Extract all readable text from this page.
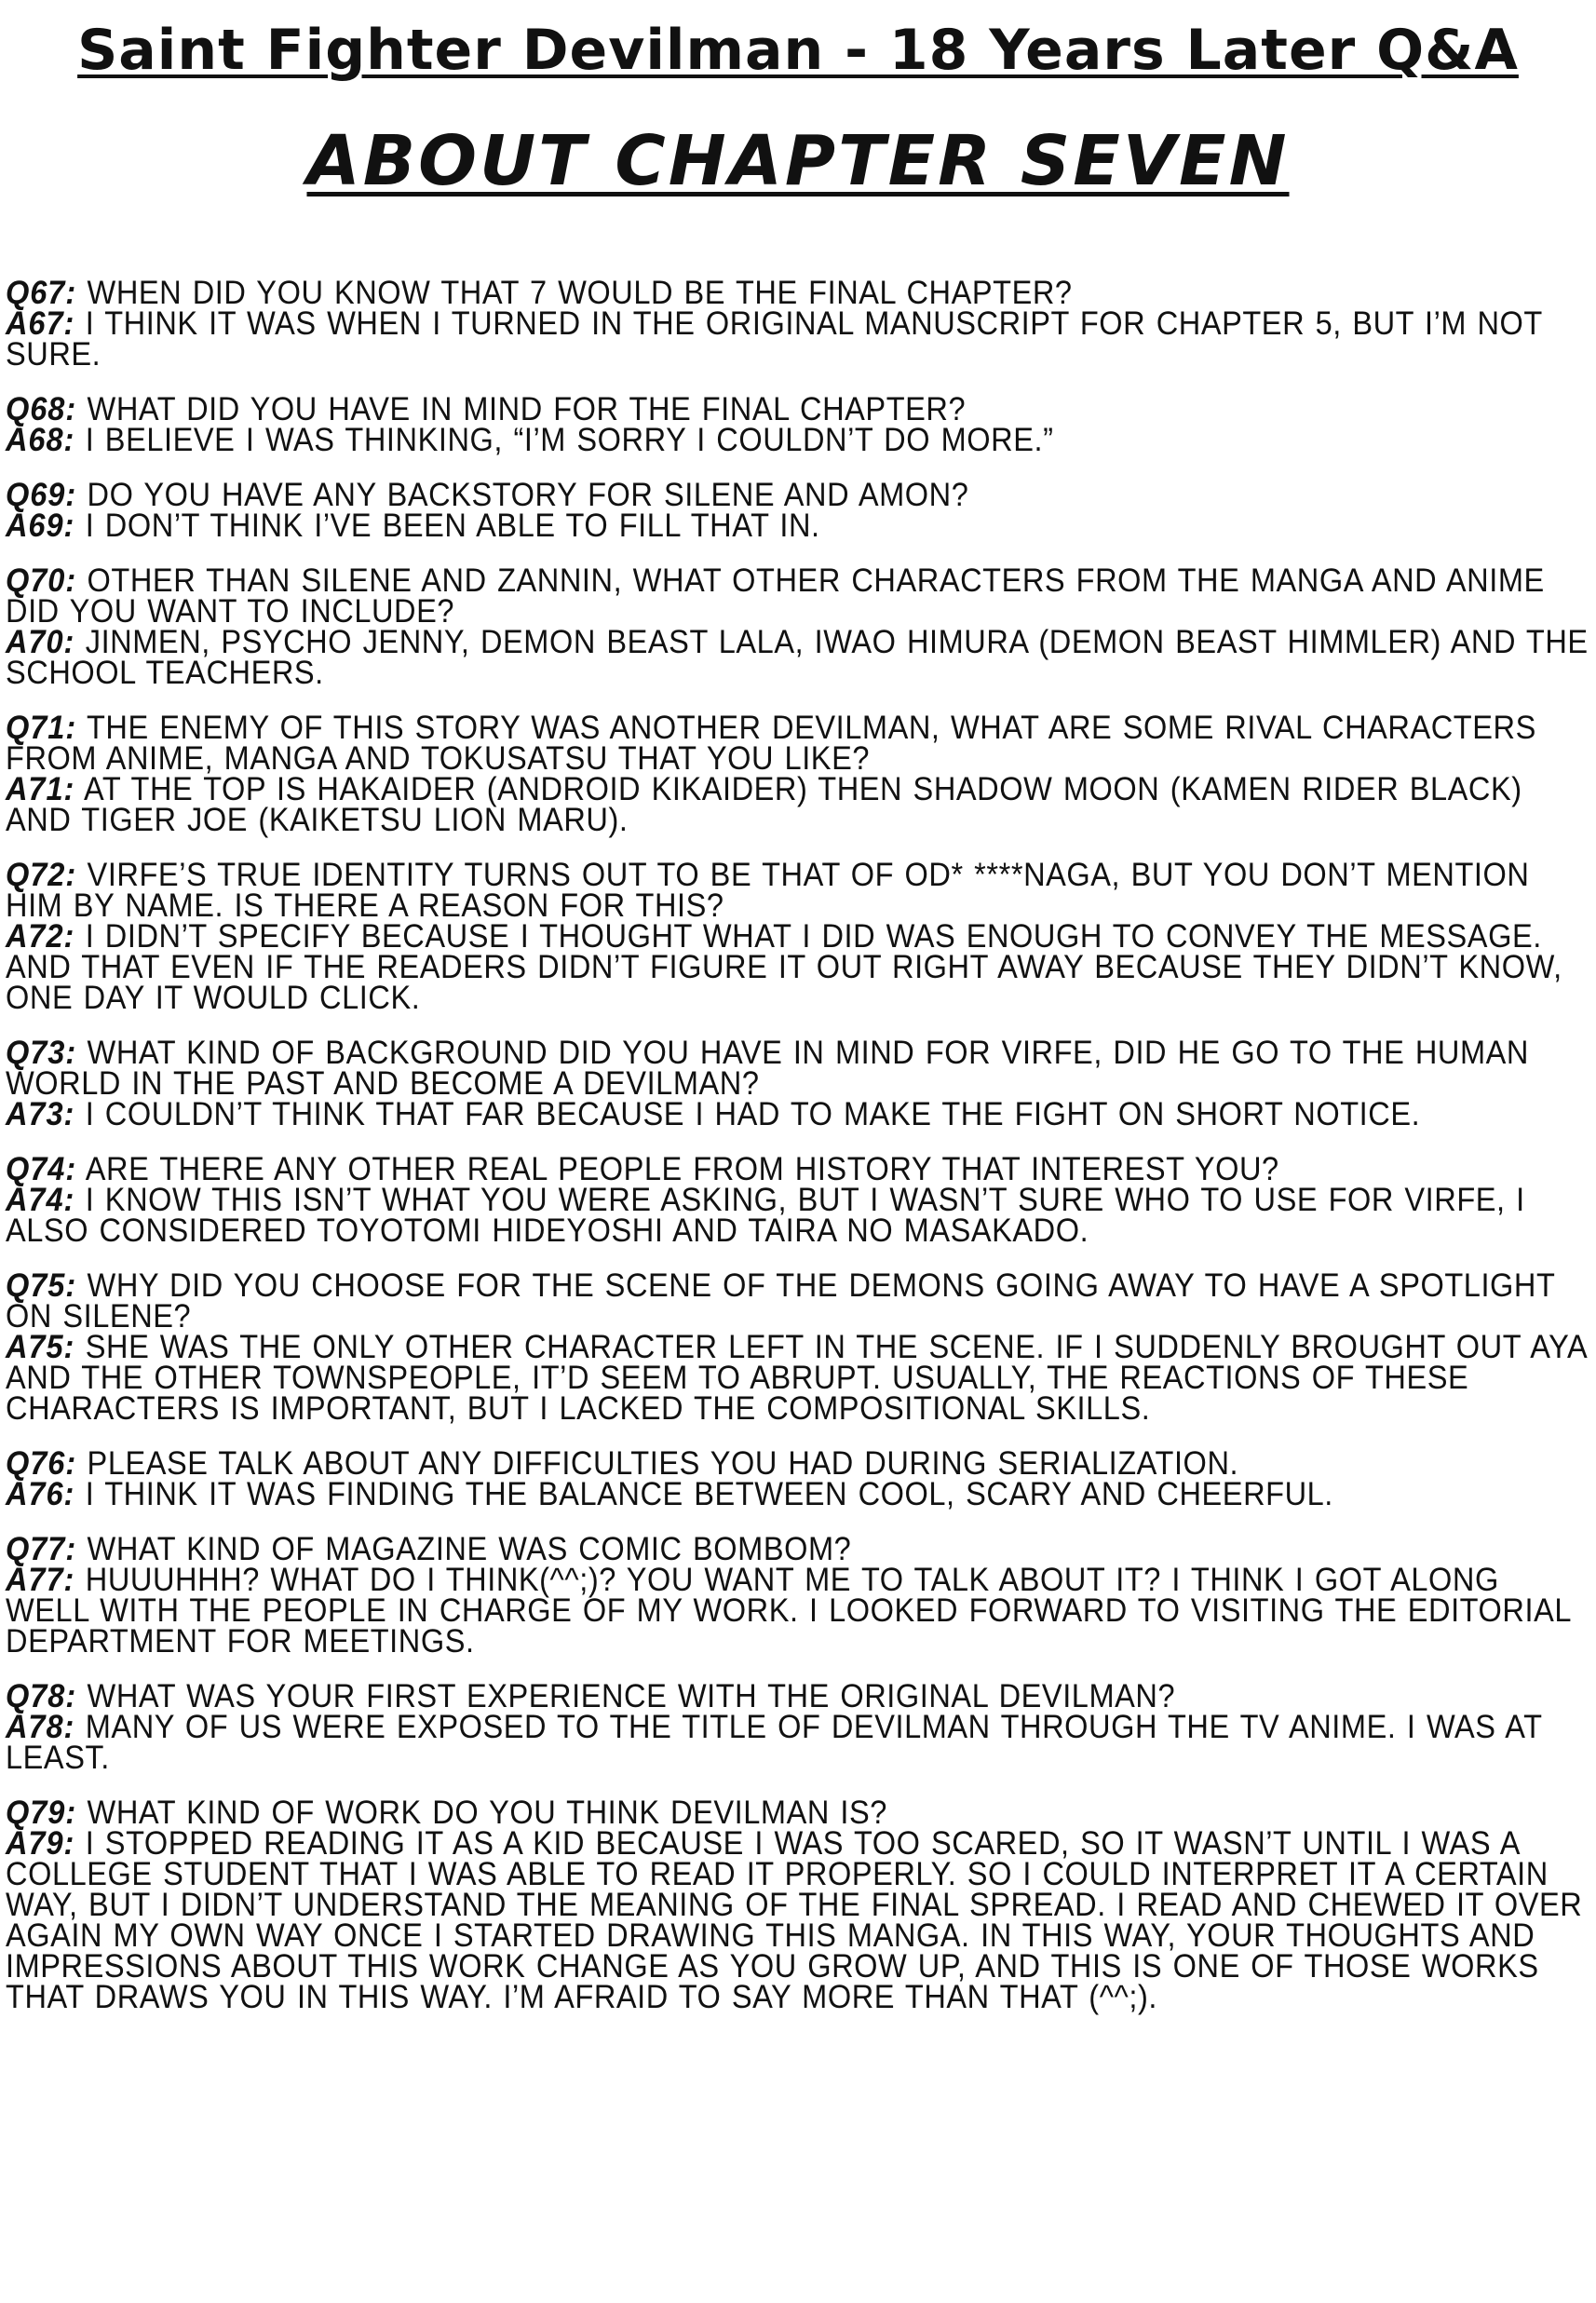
Saint Fighter Devilman - 18 Years Later Q&A
ABOUT CHAPTER SEVEN
Q67: WHEN DID YOU KNOW THAT 7 WOULD BE THE FINAL CHAPTER?
A67: I THINK IT WAS WHEN I TURNED IN THE ORIGINAL MANUSCRIPT FOR CHAPTER 5, BUT I’M NOT SURE.
Q68: WHAT DID YOU HAVE IN MIND FOR THE FINAL CHAPTER?
A68: I BELIEVE I WAS THINKING, “I’M SORRY I COULDN’T DO MORE.”
Q69: DO YOU HAVE ANY BACKSTORY FOR SILENE AND AMON?
A69: I DON’T THINK I’VE BEEN ABLE TO FILL THAT IN.
Q70: OTHER THAN SILENE AND ZANNIN, WHAT OTHER CHARACTERS FROM THE MANGA AND ANIME DID YOU WANT TO INCLUDE?
A70: JINMEN, PSYCHO JENNY, DEMON BEAST LALA, IWAO HIMURA (DEMON BEAST HIMMLER) AND THE SCHOOL TEACHERS.
Q71: THE ENEMY OF THIS STORY WAS ANOTHER DEVILMAN, WHAT ARE SOME RIVAL CHARACTERS FROM ANIME, MANGA AND TOKUSATSU THAT YOU LIKE?
A71: AT THE TOP IS HAKAIDER (ANDROID KIKAIDER) THEN SHADOW MOON (KAMEN RIDER BLACK) AND TIGER JOE (KAIKETSU LION MARU).
Q72: VIRFE’S TRUE IDENTITY TURNS OUT TO BE THAT OF OD* ****NAGA, BUT YOU DON’T MENTION HIM BY NAME. IS THERE A REASON FOR THIS?
A72: I DIDN’T SPECIFY BECAUSE I THOUGHT WHAT I DID WAS ENOUGH TO CONVEY THE MESSAGE. AND THAT EVEN IF THE READERS DIDN’T FIGURE IT OUT RIGHT AWAY BECAUSE THEY DIDN’T KNOW, ONE DAY IT WOULD CLICK.
Q73: WHAT KIND OF BACKGROUND DID YOU HAVE IN MIND FOR VIRFE, DID HE GO TO THE HUMAN WORLD IN THE PAST AND BECOME A DEVILMAN?
A73: I COULDN’T THINK THAT FAR BECAUSE I HAD TO MAKE THE FIGHT ON SHORT NOTICE.
Q74: ARE THERE ANY OTHER REAL PEOPLE FROM HISTORY THAT INTEREST YOU?
A74: I KNOW THIS ISN’T WHAT YOU WERE ASKING, BUT I WASN’T SURE WHO TO USE FOR VIRFE, I ALSO CONSIDERED TOYOTOMI HIDEYOSHI AND TAIRA NO MASAKADO.
Q75: WHY DID YOU CHOOSE FOR THE SCENE OF THE DEMONS GOING AWAY TO HAVE A SPOTLIGHT ON SILENE?
A75: SHE WAS THE ONLY OTHER CHARACTER LEFT IN THE SCENE. IF I SUDDENLY BROUGHT OUT AYA AND THE OTHER TOWNSPEOPLE, IT’D SEEM TO ABRUPT. USUALLY, THE REACTIONS OF THESE CHARACTERS IS IMPORTANT, BUT I LACKED THE COMPOSITIONAL SKILLS.
Q76: PLEASE TALK ABOUT ANY DIFFICULTIES YOU HAD DURING SERIALIZATION.
A76: I THINK IT WAS FINDING THE BALANCE BETWEEN COOL, SCARY AND CHEERFUL.
Q77: WHAT KIND OF MAGAZINE WAS COMIC BOMBOM?
A77: HUUUHHH? WHAT DO I THINK(^^;)? YOU WANT ME TO TALK ABOUT IT? I THINK I GOT ALONG WELL WITH THE PEOPLE IN CHARGE OF MY WORK. I LOOKED FORWARD TO VISITING THE EDITORIAL DEPARTMENT FOR MEETINGS.
Q78: WHAT WAS YOUR FIRST EXPERIENCE WITH THE ORIGINAL DEVILMAN?
A78: MANY OF US WERE EXPOSED TO THE TITLE OF DEVILMAN THROUGH THE TV ANIME. I WAS AT LEAST.
Q79: WHAT KIND OF WORK DO YOU THINK DEVILMAN IS?
A79: I STOPPED READING IT AS A KID BECAUSE I WAS TOO SCARED, SO IT WASN’T UNTIL I WAS A COLLEGE STUDENT THAT I WAS ABLE TO READ IT PROPERLY. SO I COULD INTERPRET IT A CERTAIN WAY, BUT I DIDN’T UNDERSTAND THE MEANING OF THE FINAL SPREAD. I READ AND CHEWED IT OVER AGAIN MY OWN WAY ONCE I STARTED DRAWING THIS MANGA. IN THIS WAY, YOUR THOUGHTS AND IMPRESSIONS ABOUT THIS WORK CHANGE AS YOU GROW UP, AND THIS IS ONE OF THOSE WORKS THAT DRAWS YOU IN THIS WAY. I’M AFRAID TO SAY MORE THAN THAT (^^;).
